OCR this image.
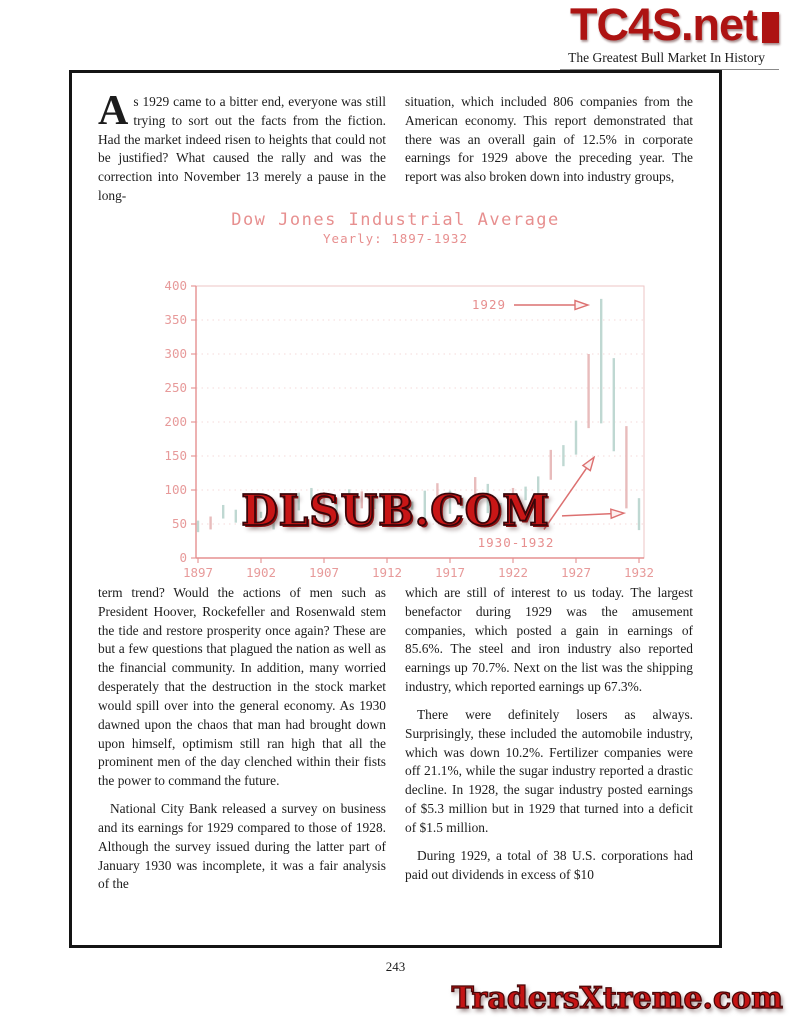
TC4S.net
The Greatest Bull Market In History

As 1929 came to a bitter end, everyone was still trying to sort out the facts from the fiction. Had the market indeed risen to heights that could not be justified? What caused the rally and was the correction into November 13 merely a pause in the long-

situation, which included 806 companies from the American economy. This report demonstrated that there was an overall gain of 12.5% in corporate earnings for 1929 above the preceding year. The report was also broken down into industry groups,

Dow Jones Industrial Average
Yearly: 1897-1932
0
50
100
150
200
250
300
350
400
1897	1902	1907	1912	1917	1922	1927	1932
1929
1930-1932
DLSUB.COM

term trend? Would the actions of men such as President Hoover, Rockefeller and Rosenwald stem the tide and restore prosperity once again? These are but a few questions that plagued the nation as well as the financial community. In addition, many worried desperately that the destruction in the stock market would spill over into the general economy. As 1930 dawned upon the chaos that man had brought down upon himself, optimism still ran high that all the prominent men of the day clenched within their fists the power to command the future.

National City Bank released a survey on business and its earnings for 1929 compared to those of 1928. Although the survey issued during the latter part of January 1930 was incomplete, it was a fair analysis of the

which are still of interest to us today. The largest benefactor during 1929 was the amusement companies, which posted a gain in earnings of 85.6%. The steel and iron industry also reported earnings up 70.7%. Next on the list was the shipping industry, which reported earnings up 67.3%.

There were definitely losers as always. Surprisingly, these included the automobile industry, which was down 10.2%. Fertilizer companies were off 21.1%, while the sugar industry reported a drastic decline. In 1928, the sugar industry posted earnings of $5.3 million but in 1929 that turned into a deficit of $1.5 million.

During 1929, a total of 38 U.S. corporations had paid out dividends in excess of $10

243
TradersXtreme.com
